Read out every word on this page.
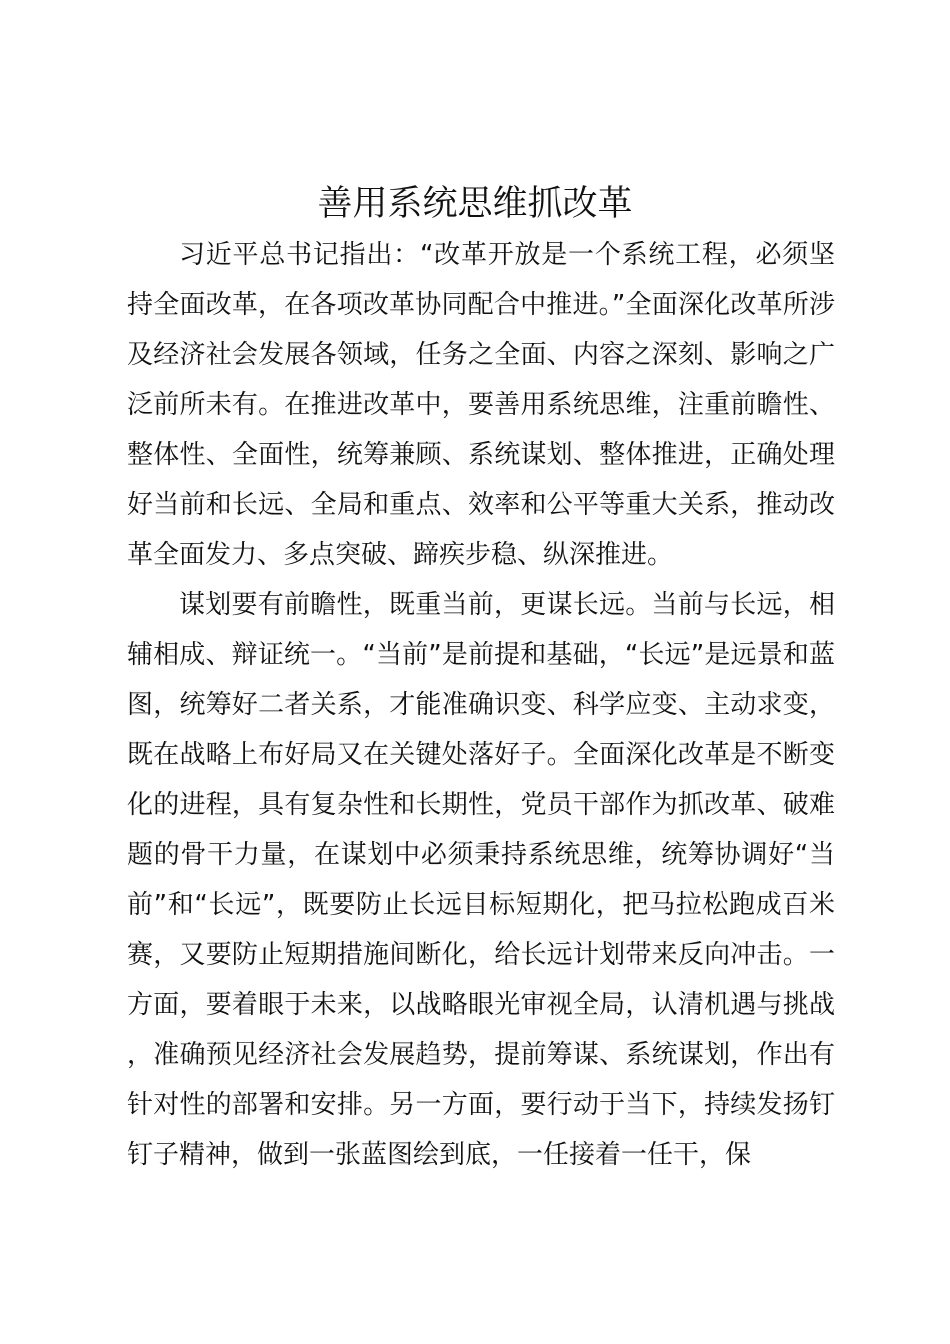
善用系统思维抓改革

习近平总书记指出：“改革开放是一个系统工程，必须坚持全面改革，在各项改革协同配合中推进。”全面深化改革所涉及经济社会发展各领域，任务之全面、内容之深刻、影响之广泛前所未有。在推进改革中，要善用系统思维，注重前瞻性、整体性、全面性，统筹兼顾、系统谋划、整体推进，正确处理好当前和长远、全局和重点、效率和公平等重大关系，推动改革全面发力、多点突破、蹄疾步稳、纵深推进。

谋划要有前瞻性，既重当前，更谋长远。当前与长远，相辅相成、辩证统一。“当前”是前提和基础，“长远”是远景和蓝图，统筹好二者关系，才能准确识变、科学应变、主动求变，既在战略上布好局又在关键处落好子。全面深化改革是不断变化的进程，具有复杂性和长期性，党员干部作为抓改革、破难题的骨干力量，在谋划中必须秉持系统思维，统筹协调好“当前”和“长远”，既要防止长远目标短期化，把马拉松跑成百米赛，又要防止短期措施间断化，给长远计划带来反向冲击。一方面，要着眼于未来，以战略眼光审视全局，认清机遇与挑战，准确预见经济社会发展趋势，提前筹谋、系统谋划，作出有针对性的部署和安排。另一方面，要行动于当下，持续发扬钉钉子精神，做到一张蓝图绘到底，一任接着一任干，保
